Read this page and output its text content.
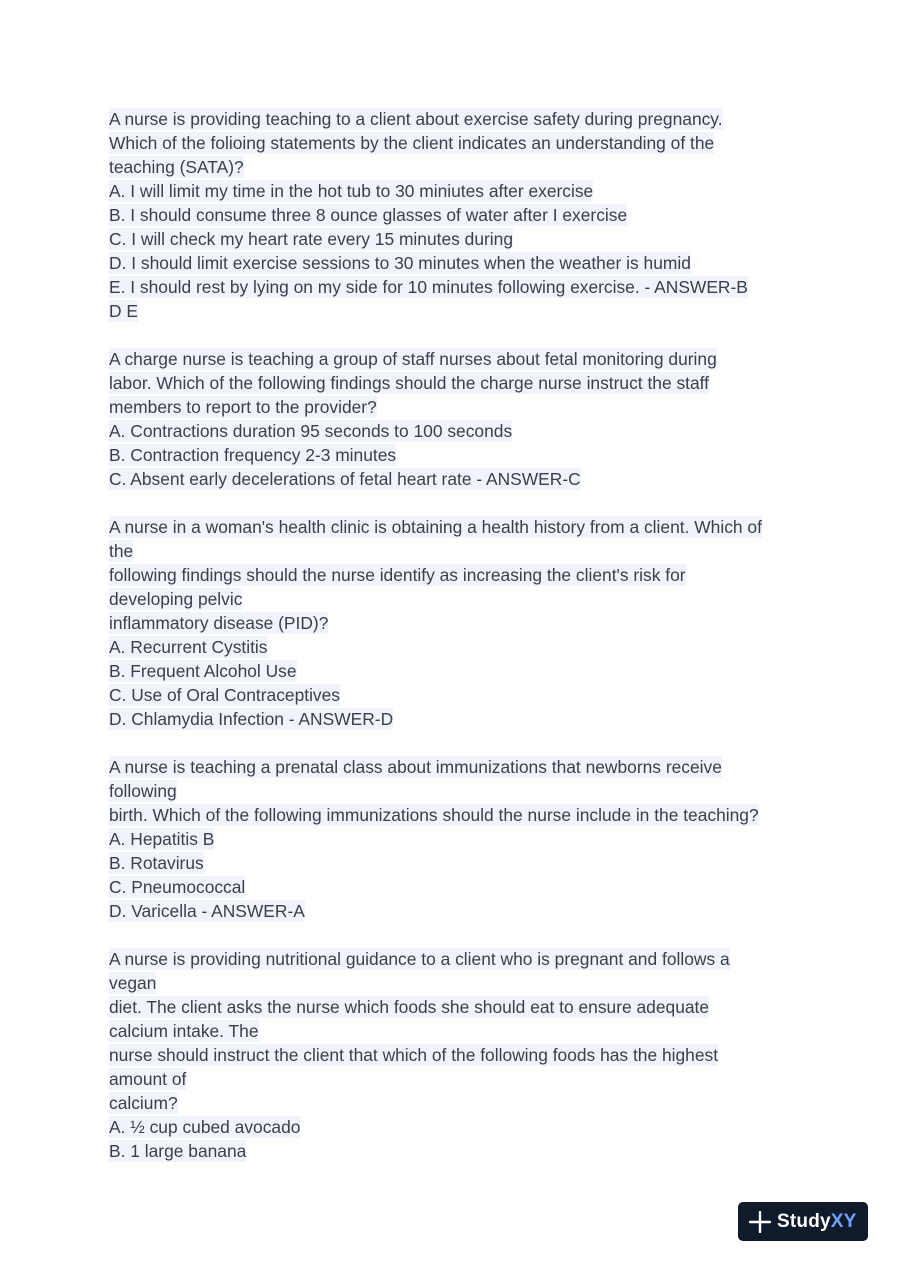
A nurse is providing teaching to a client about exercise safety during pregnancy.
Which of the folioing statements by the client indicates an understanding of the
teaching (SATA)?
A. I will limit my time in the hot tub to 30 miniutes after exercise
B. I should consume three 8 ounce glasses of water after I exercise
C. I will check my heart rate every 15 minutes during
D. I should limit exercise sessions to 30 minutes when the weather is humid
E. I should rest by lying on my side for 10 minutes following exercise. - ANSWER-B
D E
A charge nurse is teaching a group of staff nurses about fetal monitoring during
labor. Which of the following findings should the charge nurse instruct the staff
members to report to the provider?
A. Contractions duration 95 seconds to 100 seconds
B. Contraction frequency 2-3 minutes
C. Absent early decelerations of fetal heart rate - ANSWER-C
A nurse in a woman's health clinic is obtaining a health history from a client. Which of
the
following findings should the nurse identify as increasing the client's risk for
developing pelvic
inflammatory disease (PID)?
A. Recurrent Cystitis
B. Frequent Alcohol Use
C. Use of Oral Contraceptives
D. Chlamydia Infection - ANSWER-D
A nurse is teaching a prenatal class about immunizations that newborns receive
following
birth. Which of the following immunizations should the nurse include in the teaching?
A. Hepatitis B
B. Rotavirus
C. Pneumococcal
D. Varicella - ANSWER-A
A nurse is providing nutritional guidance to a client who is pregnant and follows a
vegan
diet. The client asks the nurse which foods she should eat to ensure adequate
calcium intake. The
nurse should instruct the client that which of the following foods has the highest
amount of
calcium?
A. ½ cup cubed avocado
B. 1 large banana
StudyXY
